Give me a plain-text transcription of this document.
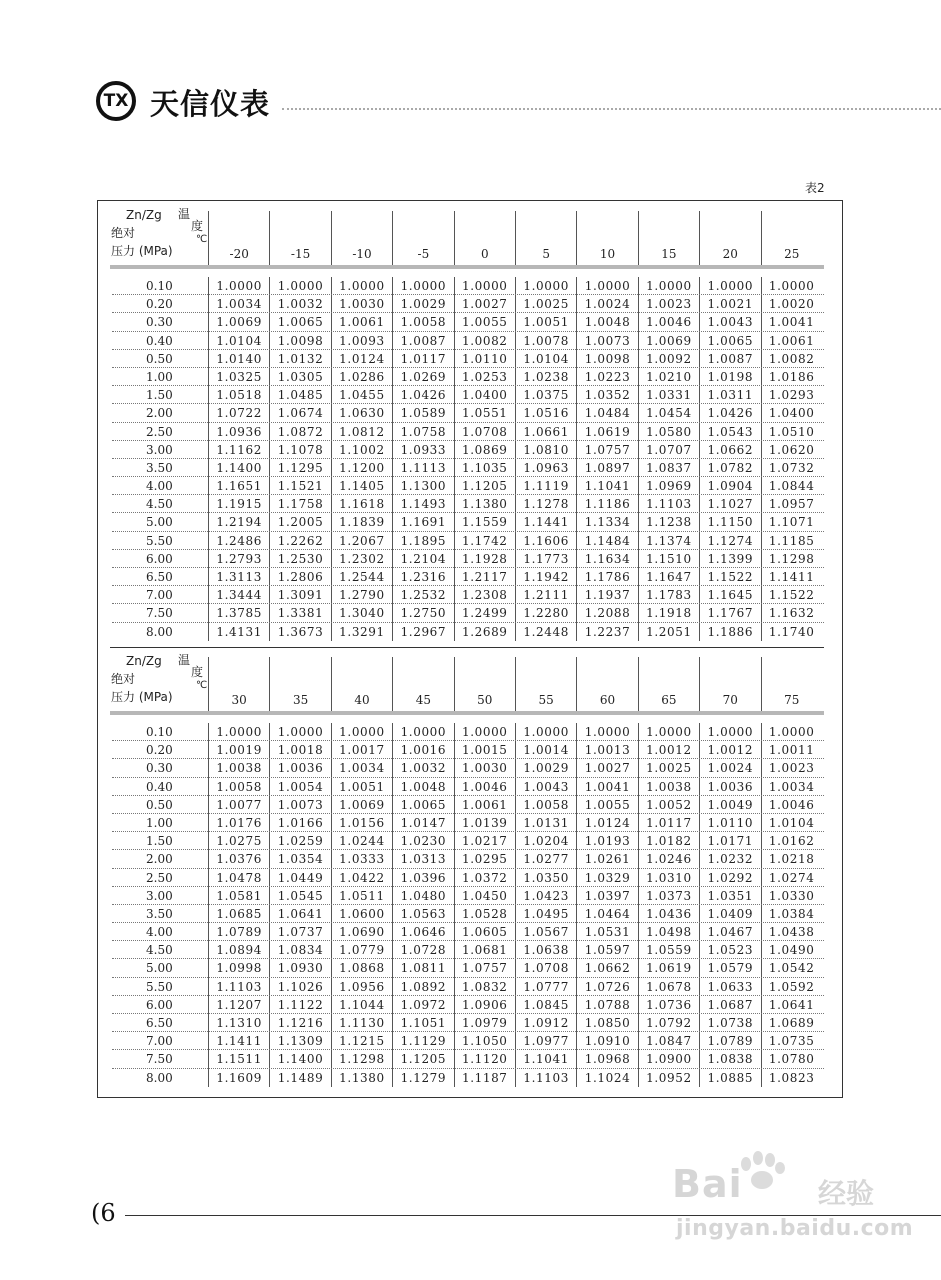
TX 天信仪表
表2
Zn/Zg 温
度
℃
绝对
压力 (MPa)	-20	-15	-10	-5	0	5	10	15	20	25
0.10	1.0000	1.0000	1.0000	1.0000	1.0000	1.0000	1.0000	1.0000	1.0000	1.0000
0.20	1.0034	1.0032	1.0030	1.0029	1.0027	1.0025	1.0024	1.0023	1.0021	1.0020
0.30	1.0069	1.0065	1.0061	1.0058	1.0055	1.0051	1.0048	1.0046	1.0043	1.0041
0.40	1.0104	1.0098	1.0093	1.0087	1.0082	1.0078	1.0073	1.0069	1.0065	1.0061
0.50	1.0140	1.0132	1.0124	1.0117	1.0110	1.0104	1.0098	1.0092	1.0087	1.0082
1.00	1.0325	1.0305	1.0286	1.0269	1.0253	1.0238	1.0223	1.0210	1.0198	1.0186
1.50	1.0518	1.0485	1.0455	1.0426	1.0400	1.0375	1.0352	1.0331	1.0311	1.0293
2.00	1.0722	1.0674	1.0630	1.0589	1.0551	1.0516	1.0484	1.0454	1.0426	1.0400
2.50	1.0936	1.0872	1.0812	1.0758	1.0708	1.0661	1.0619	1.0580	1.0543	1.0510
3.00	1.1162	1.1078	1.1002	1.0933	1.0869	1.0810	1.0757	1.0707	1.0662	1.0620
3.50	1.1400	1.1295	1.1200	1.1113	1.1035	1.0963	1.0897	1.0837	1.0782	1.0732
4.00	1.1651	1.1521	1.1405	1.1300	1.1205	1.1119	1.1041	1.0969	1.0904	1.0844
4.50	1.1915	1.1758	1.1618	1.1493	1.1380	1.1278	1.1186	1.1103	1.1027	1.0957
5.00	1.2194	1.2005	1.1839	1.1691	1.1559	1.1441	1.1334	1.1238	1.1150	1.1071
5.50	1.2486	1.2262	1.2067	1.1895	1.1742	1.1606	1.1484	1.1374	1.1274	1.1185
6.00	1.2793	1.2530	1.2302	1.2104	1.1928	1.1773	1.1634	1.1510	1.1399	1.1298
6.50	1.3113	1.2806	1.2544	1.2316	1.2117	1.1942	1.1786	1.1647	1.1522	1.1411
7.00	1.3444	1.3091	1.2790	1.2532	1.2308	1.2111	1.1937	1.1783	1.1645	1.1522
7.50	1.3785	1.3381	1.3040	1.2750	1.2499	1.2280	1.2088	1.1918	1.1767	1.1632
8.00	1.4131	1.3673	1.3291	1.2967	1.2689	1.2448	1.2237	1.2051	1.1886	1.1740
Zn/Zg 温
度
℃
绝对
压力 (MPa)	30	35	40	45	50	55	60	65	70	75
0.10	1.0000	1.0000	1.0000	1.0000	1.0000	1.0000	1.0000	1.0000	1.0000	1.0000
0.20	1.0019	1.0018	1.0017	1.0016	1.0015	1.0014	1.0013	1.0012	1.0012	1.0011
0.30	1.0038	1.0036	1.0034	1.0032	1.0030	1.0029	1.0027	1.0025	1.0024	1.0023
0.40	1.0058	1.0054	1.0051	1.0048	1.0046	1.0043	1.0041	1.0038	1.0036	1.0034
0.50	1.0077	1.0073	1.0069	1.0065	1.0061	1.0058	1.0055	1.0052	1.0049	1.0046
1.00	1.0176	1.0166	1.0156	1.0147	1.0139	1.0131	1.0124	1.0117	1.0110	1.0104
1.50	1.0275	1.0259	1.0244	1.0230	1.0217	1.0204	1.0193	1.0182	1.0171	1.0162
2.00	1.0376	1.0354	1.0333	1.0313	1.0295	1.0277	1.0261	1.0246	1.0232	1.0218
2.50	1.0478	1.0449	1.0422	1.0396	1.0372	1.0350	1.0329	1.0310	1.0292	1.0274
3.00	1.0581	1.0545	1.0511	1.0480	1.0450	1.0423	1.0397	1.0373	1.0351	1.0330
3.50	1.0685	1.0641	1.0600	1.0563	1.0528	1.0495	1.0464	1.0436	1.0409	1.0384
4.00	1.0789	1.0737	1.0690	1.0646	1.0605	1.0567	1.0531	1.0498	1.0467	1.0438
4.50	1.0894	1.0834	1.0779	1.0728	1.0681	1.0638	1.0597	1.0559	1.0523	1.0490
5.00	1.0998	1.0930	1.0868	1.0811	1.0757	1.0708	1.0662	1.0619	1.0579	1.0542
5.50	1.1103	1.1026	1.0956	1.0892	1.0832	1.0777	1.0726	1.0678	1.0633	1.0592
6.00	1.1207	1.1122	1.1044	1.0972	1.0906	1.0845	1.0788	1.0736	1.0687	1.0641
6.50	1.1310	1.1216	1.1130	1.1051	1.0979	1.0912	1.0850	1.0792	1.0738	1.0689
7.00	1.1411	1.1309	1.1215	1.1129	1.1050	1.0977	1.0910	1.0847	1.0789	1.0735
7.50	1.1511	1.1400	1.1298	1.1205	1.1120	1.1041	1.0968	1.0900	1.0838	1.0780
8.00	1.1609	1.1489	1.1380	1.1279	1.1187	1.1103	1.1024	1.0952	1.0885	1.0823
(6
Bai	经验
jingyan.baidu.com
